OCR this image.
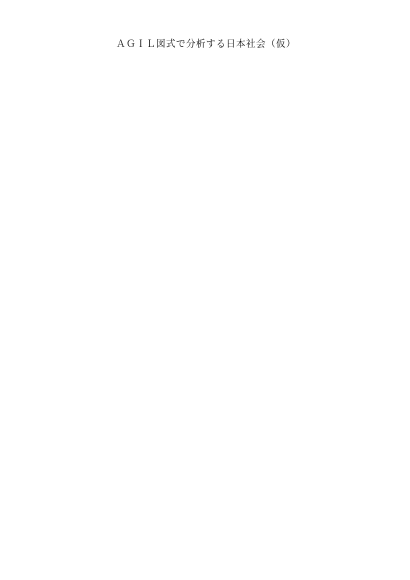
ＡＧＩＬ図式で分析する日本社会（仮）
